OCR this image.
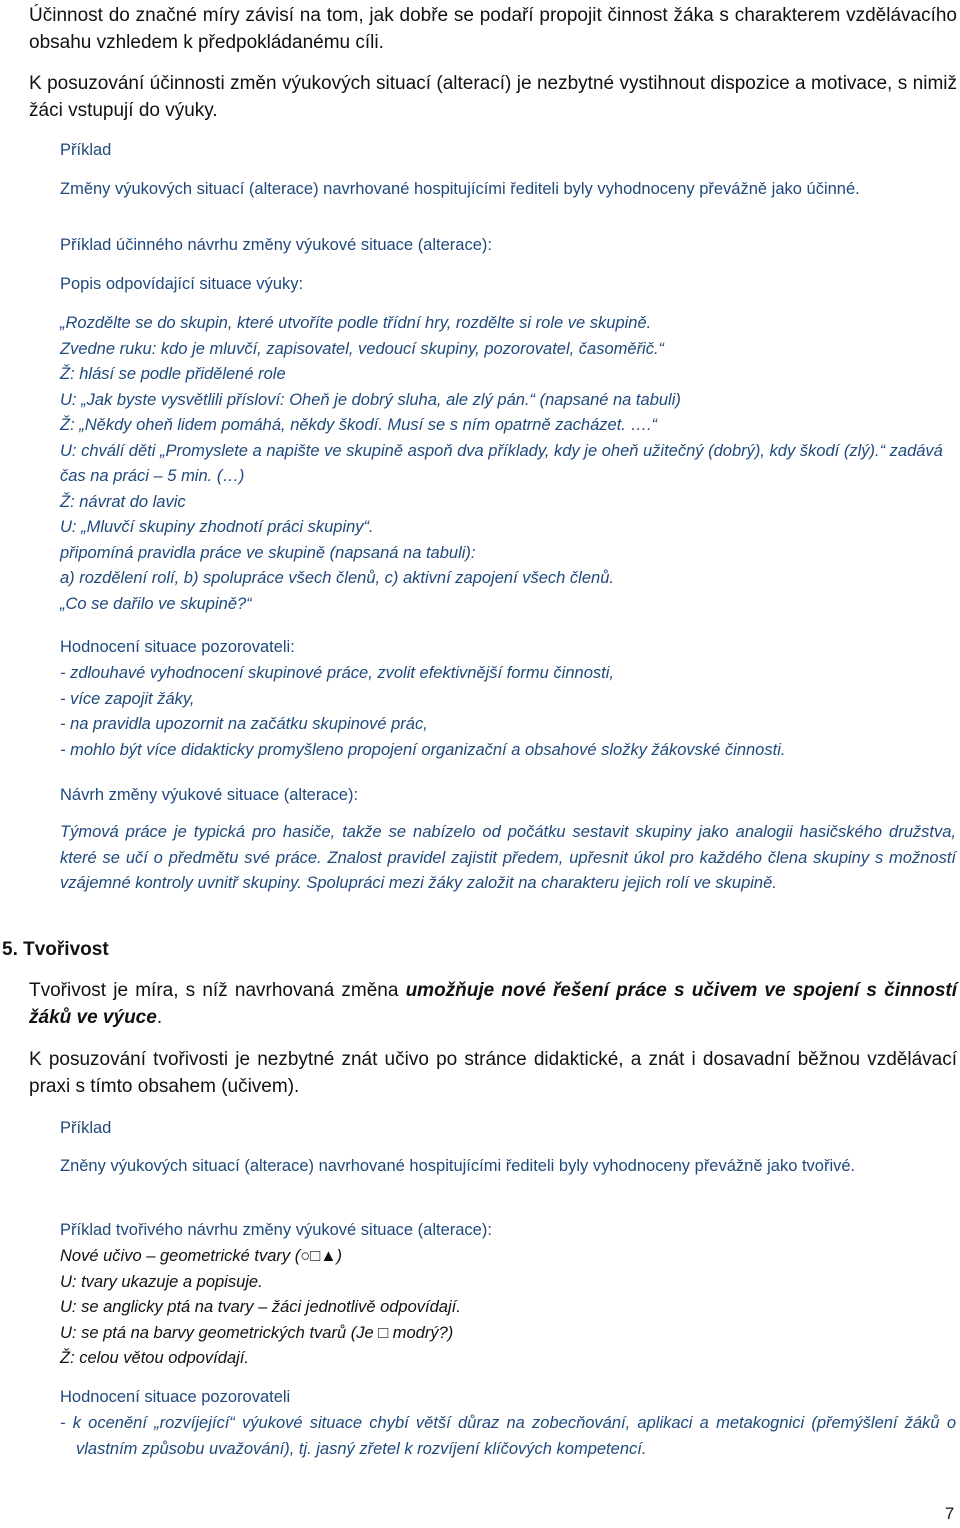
Účinnost do značné míry závisí na tom, jak dobře se podaří propojit činnost žáka s charakterem vzdělávacího obsahu vzhledem k předpokládanému cíli.

K posuzování účinnosti změn výukových situací (alterací) je nezbytné vystihnout dispozice a motivace, s nimiž žáci vstupují do výuky.

Příklad

Změny výukových situací (alterace) navrhované hospitujícími řediteli byly vyhodnoceny převážně jako účinné.

Příklad účinného návrhu změny výukové situace (alterace):

Popis odpovídající situace výuky:

„Rozdělte se do skupin, které utvoříte podle třídní hry, rozdělte si role ve skupině.
Zvedne ruku: kdo je mluvčí, zapisovatel, vedoucí skupiny, pozorovatel, časoměřič.“
Ž: hlásí se podle přidělené role
U: „Jak byste vysvětlili přísloví: Oheň je dobrý sluha, ale zlý pán.“ (napsané na tabuli)
Ž: „Někdy oheň lidem pomáhá, někdy škodí. Musí se s ním opatrně zacházet. ….“
U: chválí děti „Promyslete a napište ve skupině aspoň dva příklady, kdy je oheň užitečný (dobrý), kdy škodí (zlý).“ zadává čas na práci – 5 min. (…)
Ž: návrat do lavic
U: „Mluvčí skupiny zhodnotí práci skupiny“.
připomíná pravidla práce ve skupině (napsaná na tabuli):
a) rozdělení rolí, b) spolupráce všech členů, c) aktivní zapojení všech členů.
„Co se dařilo ve skupině?“

Hodnocení situace pozorovateli:

- zdlouhavé vyhodnocení skupinové práce, zvolit efektivnější formu činnosti,
- více zapojit žáky,
- na pravidla upozornit na začátku skupinové prác,
- mohlo být více didakticky promyšleno propojení organizační a obsahové složky žákovské činnosti.

Návrh změny výukové situace (alterace):

Týmová práce je typická pro hasiče, takže se nabízelo od počátku sestavit skupiny jako analogii hasičského družstva, které se učí o předmětu své práce. Znalost pravidel zajistit předem, upřesnit úkol pro každého člena skupiny s možností vzájemné kontroly uvnitř skupiny. Spolupráci mezi žáky založit na charakteru jejich rolí ve skupině.

5. Tvořivost

Tvořivost je míra, s níž navrhovaná změna umožňuje nové řešení práce s učivem ve spojení s činností žáků ve výuce.

K posuzování tvořivosti je nezbytné znát učivo po stránce didaktické, a znát i dosavadní běžnou vzdělávací praxi s tímto obsahem (učivem).

Příklad

Zněny výukových situací (alterace) navrhované hospitujícími řediteli byly vyhodnoceny převážně jako tvořivé.

Příklad tvořivého návrhu změny výukové situace (alterace):

Nové učivo – geometrické tvary (○□▲)
U: tvary ukazuje a popisuje.
U: se anglicky ptá na tvary – žáci jednotlivě odpovídají.
U: se ptá na barvy geometrických tvarů (Je □ modrý?)
Ž: celou větou odpovídají.

Hodnocení situace pozorovateli

- k ocenění „rozvíjející“ výukové situace chybí větší důraz na zobecňování, aplikaci a metakognici (přemýšlení žáků o vlastním způsobu uvažování), tj. jasný zřetel k rozvíjení klíčových kompetencí.

7
